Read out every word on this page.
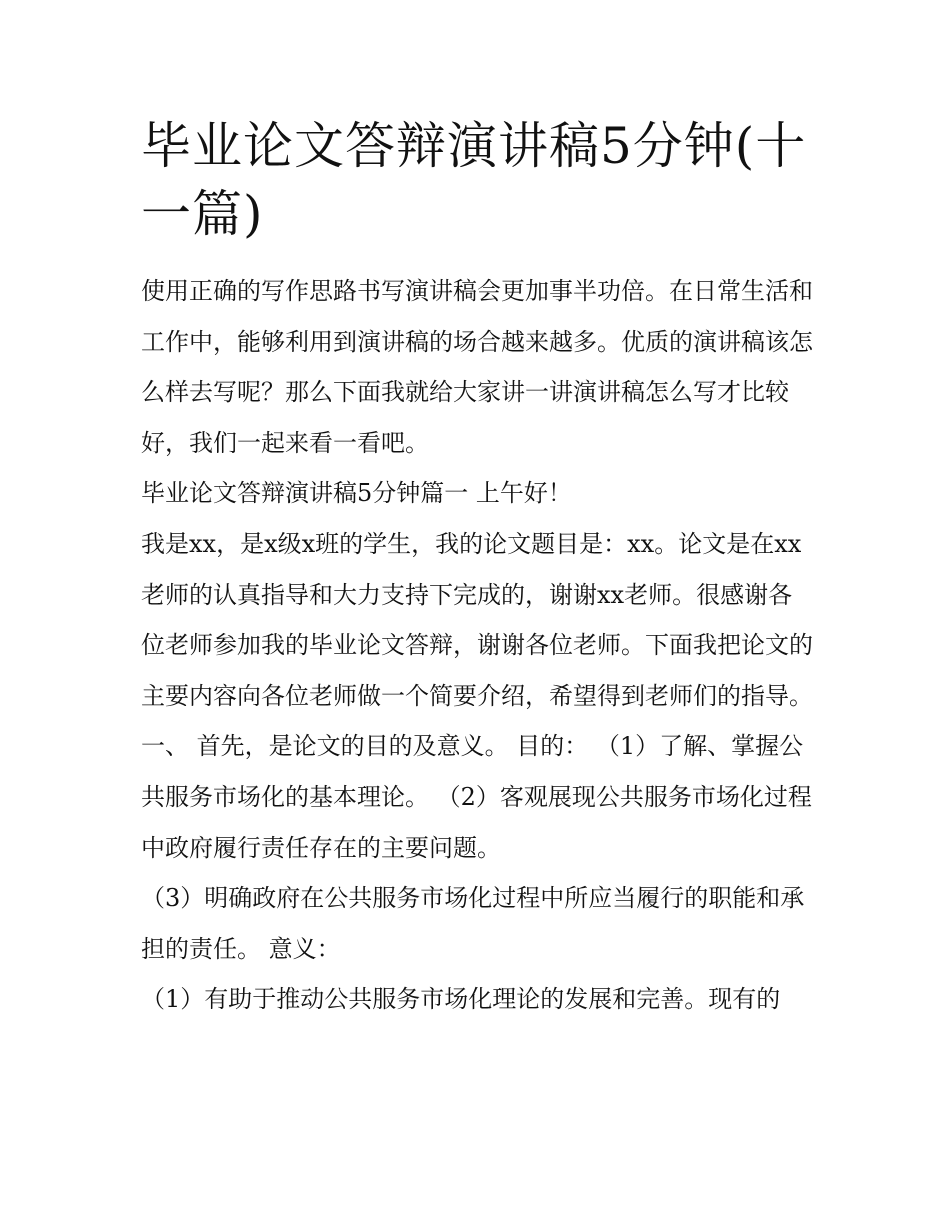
毕业论文答辩演讲稿5分钟(十一篇)

使用正确的写作思路书写演讲稿会更加事半功倍。在日常生活和工作中，能够利用到演讲稿的场合越来越多。优质的演讲稿该怎么样去写呢？那么下面我就给大家讲一讲演讲稿怎么写才比较好，我们一起来看一看吧。

毕业论文答辩演讲稿5分钟篇一 上午好！

我是xx，是x级x班的学生，我的论文题目是：xx。论文是在xx老师的认真指导和大力支持下完成的，谢谢xx老师。很感谢各位老师参加我的毕业论文答辩，谢谢各位老师。下面我把论文的主要内容向各位老师做一个简要介绍，希望得到老师们的指导。

一、 首先，是论文的目的及意义。 目的： （1）了解、掌握公共服务市场化的基本理论。 （2）客观展现公共服务市场化过程中政府履行责任存在的主要问题。

（3）明确政府在公共服务市场化过程中所应当履行的职能和承担的责任。 意义：

（1）有助于推动公共服务市场化理论的发展和完善。现有的
